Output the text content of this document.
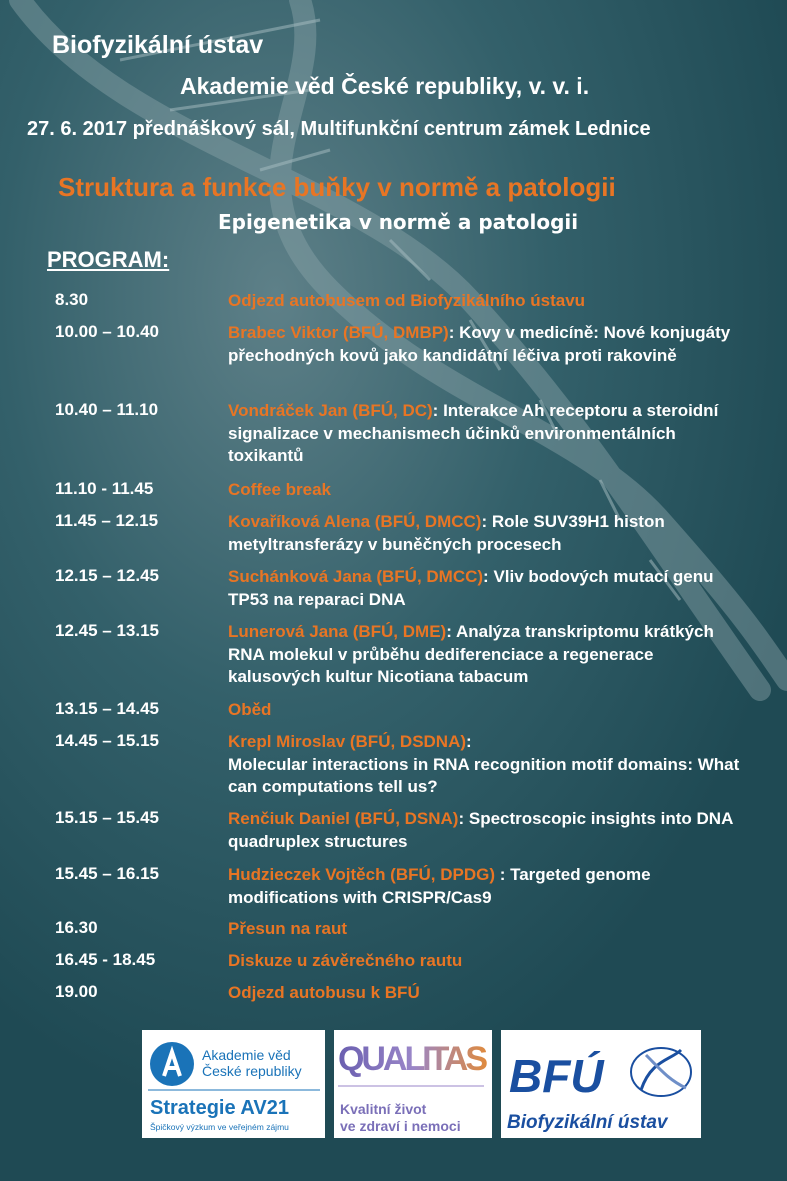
Biofyzikální ústav
Akademie věd České republiky, v. v. i.
27. 6. 2017 přednáškový sál, Multifunkční centrum zámek Lednice
Struktura a funkce buňky v normě a patologii
Epigenetika v normě a patologii
PROGRAM:
8.30	Odjezd autobusem od Biofyzikálního ústavu
10.00 – 10.40	Brabec Viktor (BFÚ, DMBP): Kovy v medicíně: Nové konjugáty přechodných kovů jako kandidátní léčiva proti rakovině
10.40 – 11.10	Vondráček Jan (BFÚ, DC): Interakce Ah receptoru a steroidní signalizace v mechanismech účinků environmentálních toxikantů
11.10 - 11.45	Coffee break
11.45 – 12.15	Kovaříková Alena (BFÚ, DMCC): Role SUV39H1 histon metyltransferázy v buněčných procesech
12.15 – 12.45	Suchánková Jana (BFÚ, DMCC): Vliv bodových mutací genu TP53 na reparaci DNA
12.45 – 13.15	Lunerová Jana (BFÚ, DME): Analýza transkriptomu krátkých RNA molekul v průběhu dediferenciace a regenerace kalusových kultur Nicotiana tabacum
13.15 – 14.45	Oběd
14.45 – 15.15	Krepl Miroslav (BFÚ, DSDNA):
Molecular interactions in RNA recognition motif domains: What can computations tell us?
15.15 – 15.45	Renčiuk Daniel (BFÚ, DSNA): Spectroscopic insights into DNA quadruplex structures
15.45 – 16.15	Hudzieczek Vojtěch (BFÚ, DPDG) : Targeted genome modifications with CRISPR/Cas9
16.30	Přesun na raut
16.45 - 18.45	Diskuze u závěrečného rautu
19.00	Odjezd autobusu k BFÚ
Akademie věd
České republiky
Strategie AV21
Špičkový výzkum ve veřejném zájmu
QUALITAS
Kvalitní život
ve zdraví i nemoci
BFÚ
Biofyzikální ústav
